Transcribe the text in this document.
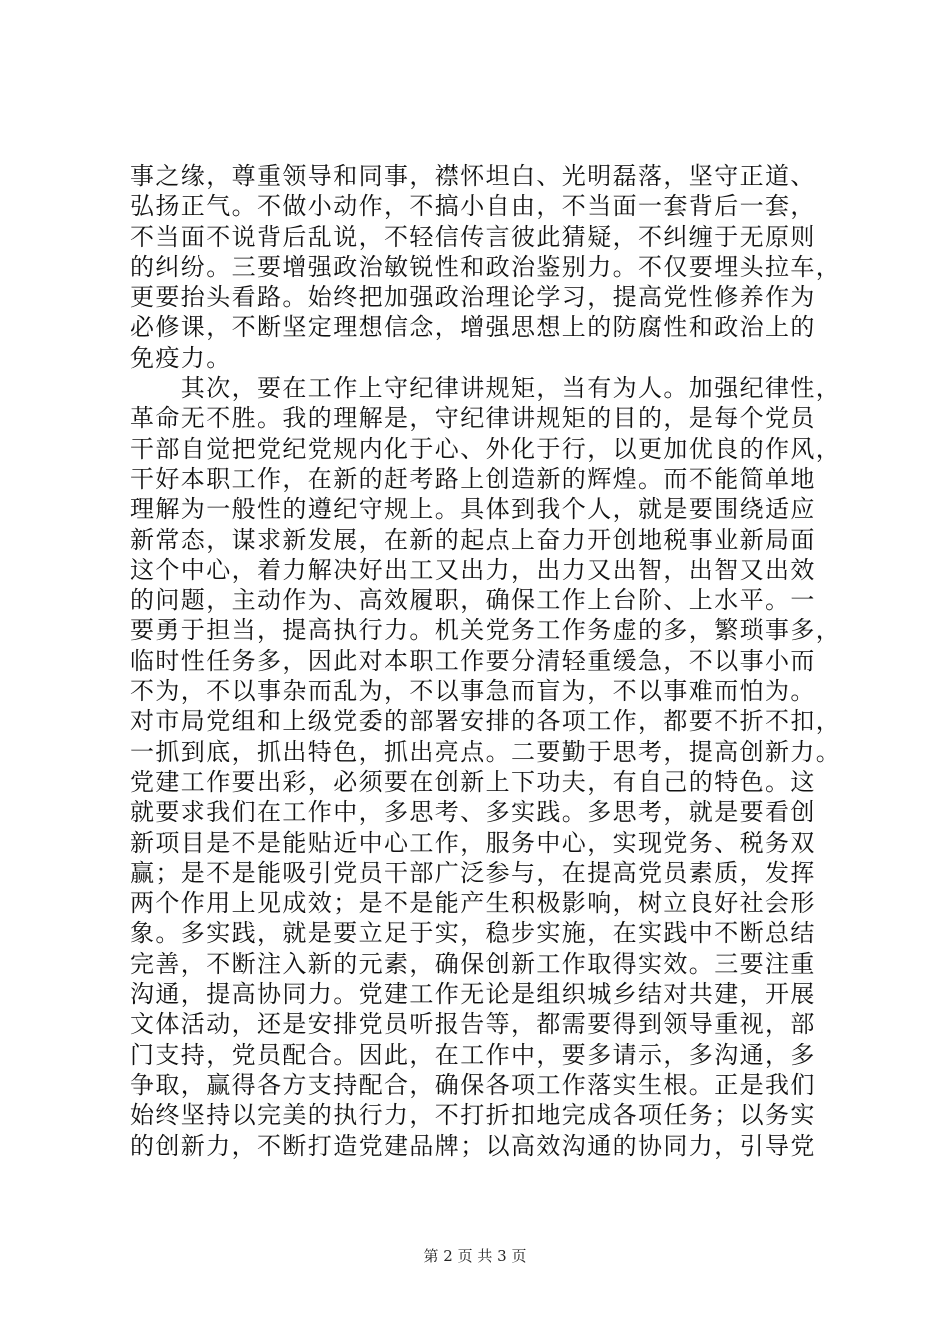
事之缘，尊重领导和同事，襟怀坦白、光明磊落，坚守正道、
弘扬正气。不做小动作，不搞小自由，不当面一套背后一套，
不当面不说背后乱说，不轻信传言彼此猜疑，不纠缠于无原则
的纠纷。三要增强政治敏锐性和政治鉴别力。不仅要埋头拉车，
更要抬头看路。始终把加强政治理论学习，提高党性修养作为
必修课，不断坚定理想信念，增强思想上的防腐性和政治上的
免疫力。
　　其次，要在工作上守纪律讲规矩，当有为人。加强纪律性，
革命无不胜。我的理解是，守纪律讲规矩的目的，是每个党员
干部自觉把党纪党规内化于心、外化于行，以更加优良的作风，
干好本职工作，在新的赶考路上创造新的辉煌。而不能简单地
理解为一般性的遵纪守规上。具体到我个人，就是要围绕适应
新常态，谋求新发展，在新的起点上奋力开创地税事业新局面
这个中心，着力解决好出工又出力，出力又出智，出智又出效
的问题，主动作为、高效履职，确保工作上台阶、上水平。一
要勇于担当，提高执行力。机关党务工作务虚的多，繁琐事多，
临时性任务多，因此对本职工作要分清轻重缓急，不以事小而
不为，不以事杂而乱为，不以事急而盲为，不以事难而怕为。
对市局党组和上级党委的部署安排的各项工作，都要不折不扣，
一抓到底，抓出特色，抓出亮点。二要勤于思考，提高创新力。
党建工作要出彩，必须要在创新上下功夫，有自己的特色。这
就要求我们在工作中，多思考、多实践。多思考，就是要看创
新项目是不是能贴近中心工作，服务中心，实现党务、税务双
赢；是不是能吸引党员干部广泛参与，在提高党员素质，发挥
两个作用上见成效；是不是能产生积极影响，树立良好社会形
象。多实践，就是要立足于实，稳步实施，在实践中不断总结
完善，不断注入新的元素，确保创新工作取得实效。三要注重
沟通，提高协同力。党建工作无论是组织城乡结对共建，开展
文体活动，还是安排党员听报告等，都需要得到领导重视，部
门支持，党员配合。因此，在工作中，要多请示，多沟通，多
争取，赢得各方支持配合，确保各项工作落实生根。正是我们
始终坚持以完美的执行力，不打折扣地完成各项任务；以务实
的创新力，不断打造党建品牌；以高效沟通的协同力，引导党
第 2 页 共 3 页
